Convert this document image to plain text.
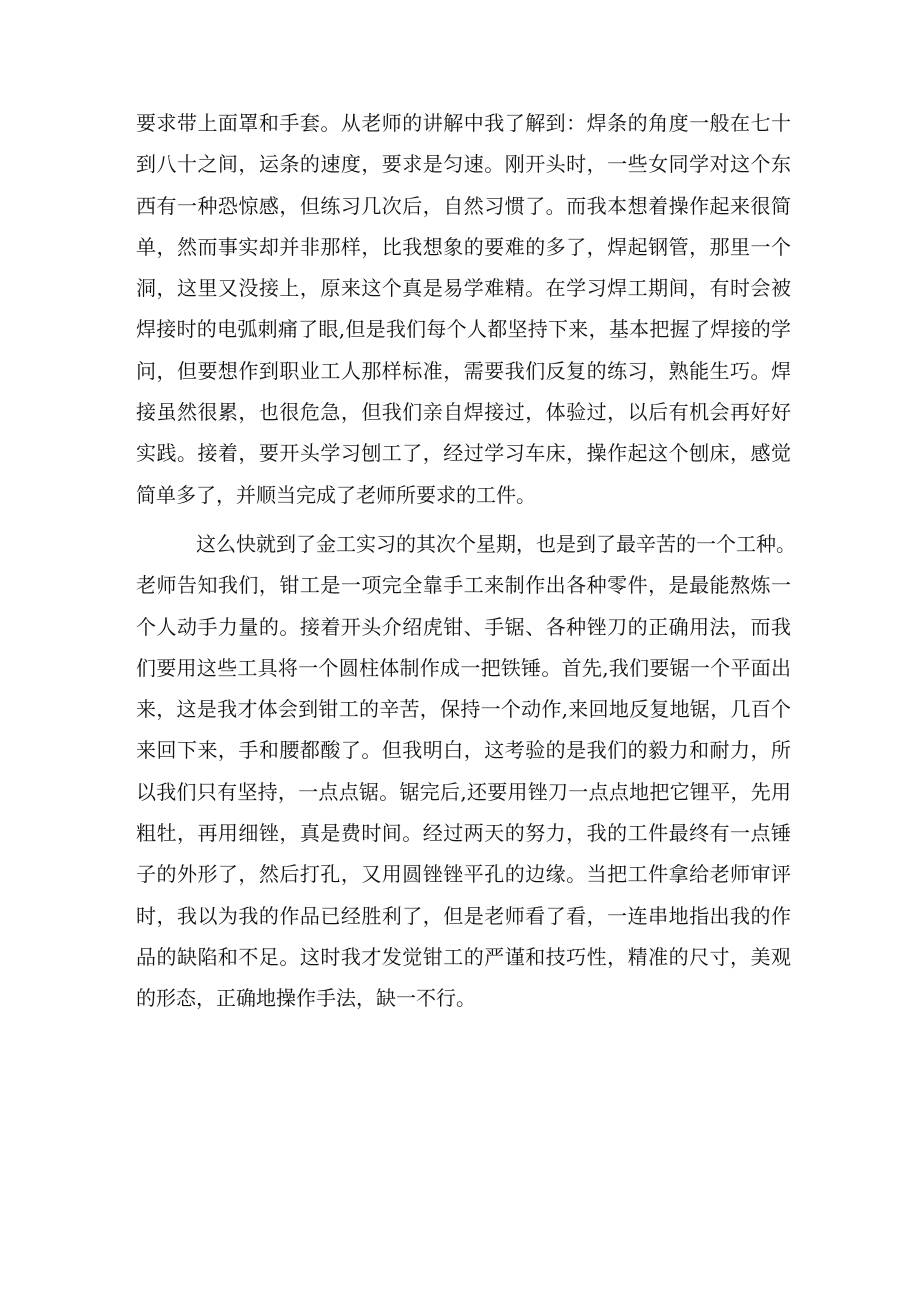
要求带上面罩和手套。从老师的讲解中我了解到：焊条的角度一般在七十
到八十之间，运条的速度，要求是匀速。刚开头时，一些女同学对这个东
西有一种恐惊感，但练习几次后，自然习惯了。而我本想着操作起来很简
单，然而事实却并非那样，比我想象的要难的多了，焊起钢管，那里一个
洞，这里又没接上，原来这个真是易学难精。在学习焊工期间，有时会被
焊接时的电弧刺痛了眼,但是我们每个人都坚持下来，基本把握了焊接的学
问，但要想作到职业工人那样标准，需要我们反复的练习，熟能生巧。焊
接虽然很累，也很危急，但我们亲自焊接过，体验过，以后有机会再好好
实践。接着，要开头学习刨工了，经过学习车床，操作起这个刨床，感觉
简单多了，并顺当完成了老师所要求的工件。
这么快就到了金工实习的其次个星期，也是到了最辛苦的一个工种。
老师告知我们，钳工是一项完全靠手工来制作出各种零件，是最能熬炼一
个人动手力量的。接着开头介绍虎钳、手锯、各种锉刀的正确用法，而我
们要用这些工具将一个圆柱体制作成一把铁锤。首先,我们要锯一个平面出
来，这是我才体会到钳工的辛苦，保持一个动作,来回地反复地锯，几百个
来回下来，手和腰都酸了。但我明白，这考验的是我们的毅力和耐力，所
以我们只有坚持，一点点锯。锯完后,还要用锉刀一点点地把它锂平，先用
粗牡，再用细锉，真是费时间。经过两天的努力，我的工件最终有一点锤
子的外形了，然后打孔，又用圆锉锉平孔的边缘。当把工件拿给老师审评
时，我以为我的作品已经胜利了，但是老师看了看，一连串地指出我的作
品的缺陷和不足。这时我才发觉钳工的严谨和技巧性，精准的尺寸，美观
的形态，正确地操作手法，缺一不行。
